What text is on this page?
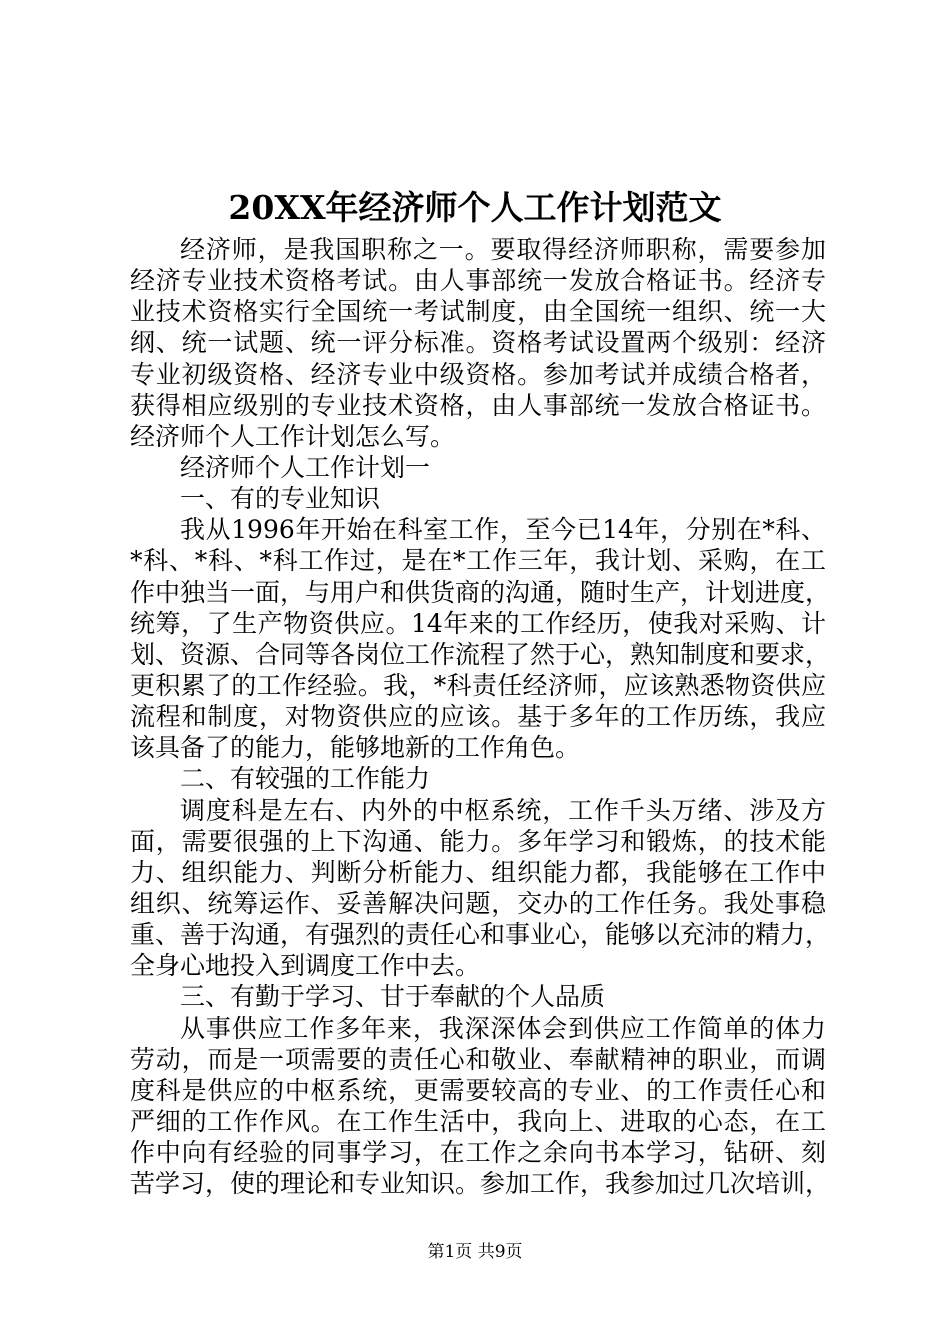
20XX年经济师个人工作计划范文
经济师，是我国职称之一。要取得经济师职称，需要参加
经济专业技术资格考试。由人事部统一发放合格证书。经济专
业技术资格实行全国统一考试制度，由全国统一组织、统一大
纲、统一试题、统一评分标准。资格考试设置两个级别：经济
专业初级资格、经济专业中级资格。参加考试并成绩合格者，
获得相应级别的专业技术资格，由人事部统一发放合格证书。
经济师个人工作计划怎么写。
经济师个人工作计划一
一、有的专业知识
我从1996年开始在科室工作，至今已14年，分别在*科、
*科、*科、*科工作过，是在*工作三年，我计划、采购，在工
作中独当一面，与用户和供货商的沟通，随时生产，计划进度，
统筹，了生产物资供应。14年来的工作经历，使我对采购、计
划、资源、合同等各岗位工作流程了然于心，熟知制度和要求，
更积累了的工作经验。我，*科责任经济师，应该熟悉物资供应
流程和制度，对物资供应的应该。基于多年的工作历练，我应
该具备了的能力，能够地新的工作角色。
二、有较强的工作能力
调度科是左右、内外的中枢系统，工作千头万绪、涉及方
面，需要很强的上下沟通、能力。多年学习和锻炼，的技术能
力、组织能力、判断分析能力、组织能力都，我能够在工作中
组织、统筹运作、妥善解决问题，交办的工作任务。我处事稳
重、善于沟通，有强烈的责任心和事业心，能够以充沛的精力，
全身心地投入到调度工作中去。
三、有勤于学习、甘于奉献的个人品质
从事供应工作多年来，我深深体会到供应工作简单的体力
劳动，而是一项需要的责任心和敬业、奉献精神的职业，而调
度科是供应的中枢系统，更需要较高的专业、的工作责任心和
严细的工作作风。在工作生活中，我向上、进取的心态，在工
作中向有经验的同事学习，在工作之余向书本学习，钻研、刻
苦学习，使的理论和专业知识。参加工作，我参加过几次培训，
第1页 共9页
